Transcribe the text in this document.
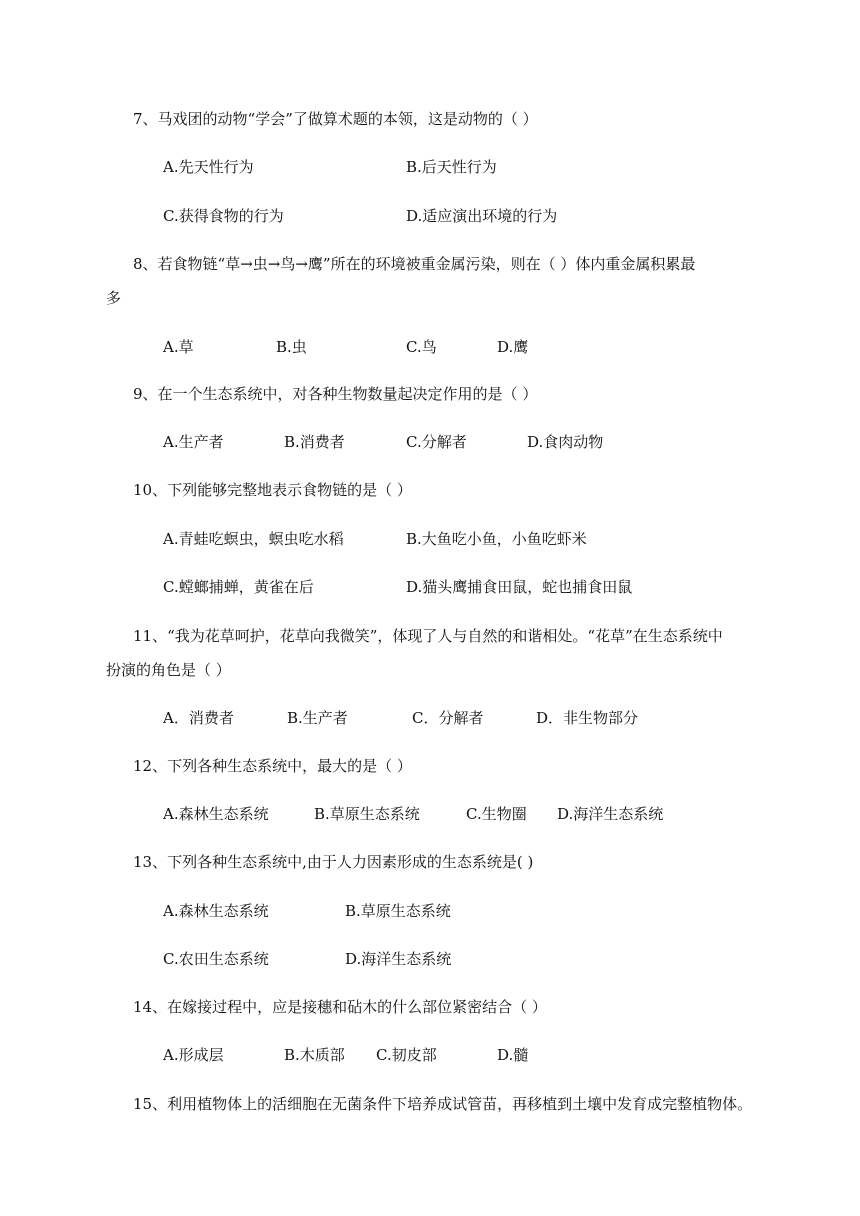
7、马戏团的动物“学会”了做算术题的本领，这是动物的（ ）
A.先天性行为	B.后天性行为
C.获得食物的行为	D.适应演出环境的行为
8、若食物链“草→虫→鸟→鹰”所在的环境被重金属污染，则在（ ）体内重金属积累最
多
A.草	B.虫	C.鸟	D.鹰
9、在一个生态系统中，对各种生物数量起决定作用的是（ ）
A.生产者	B.消费者	C.分解者	D.食肉动物
10、下列能够完整地表示食物链的是（ ）
A.青蛙吃螟虫，螟虫吃水稻	B.大鱼吃小鱼，小鱼吃虾米
C.螳螂捕蝉，黄雀在后	D.猫头鹰捕食田鼠，蛇也捕食田鼠
11、“我为花草呵护，花草向我微笑”，体现了人与自然的和谐相处。“花草”在生态系统中
扮演的角色是（ ）
A．消费者	B.生产者	C．分解者	D．非生物部分
12、下列各种生态系统中，最大的是（ ）
A.森林生态系统	B.草原生态系统	C.生物圈 D.海洋生态系统
13、下列各种生态系统中,由于人力因素形成的生态系统是( )
A.森林生态系统	B.草原生态系统
C.农田生态系统	D.海洋生态系统
14、在嫁接过程中，应是接穗和砧木的什么部位紧密结合（ ）
A.形成层	B.木质部 C.韧皮部	D.髓
15、利用植物体上的活细胞在无菌条件下培养成试管苗，再移植到土壤中发育成完整植物体。
